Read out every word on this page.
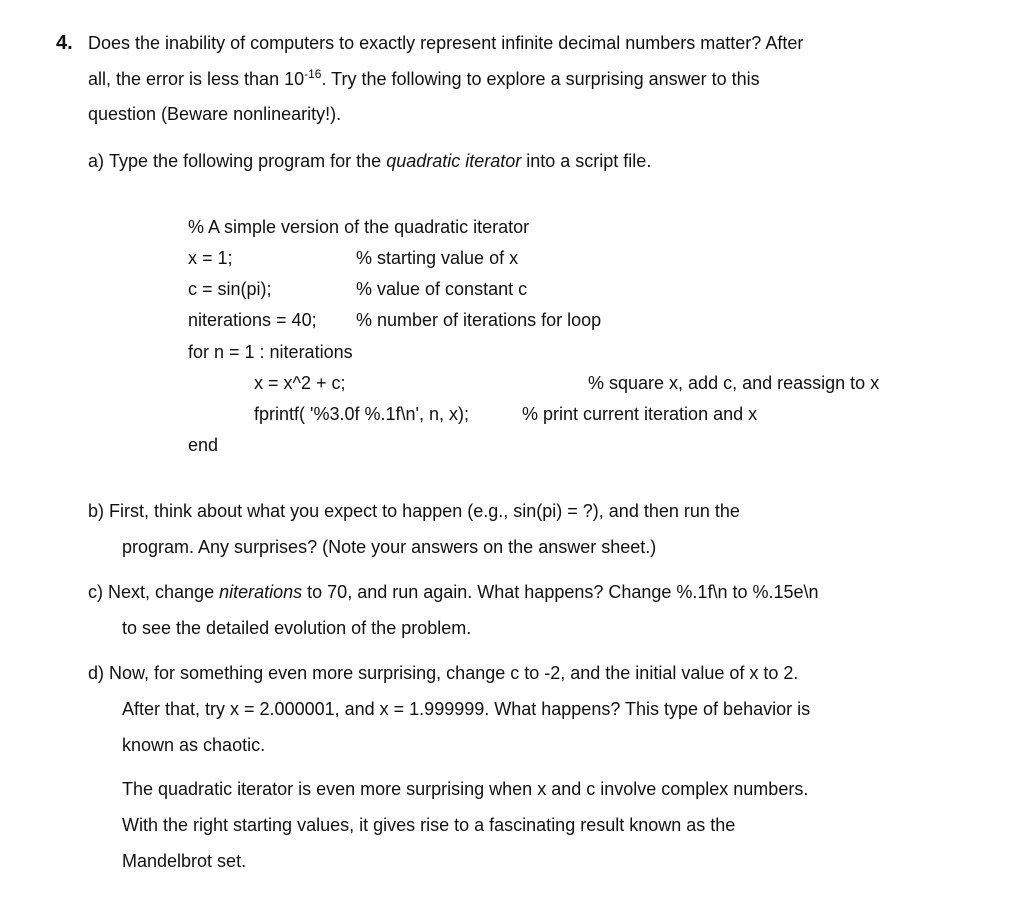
4. Does the inability of computers to exactly represent infinite decimal numbers matter? After
all, the error is less than $10^{-16}$. Try the following to explore a surprising answer to this
question (Beware nonlinearity!).
a) Type the following program for the quadratic iterator into a script file.
% A simple version of the quadratic iterator
x = 1;	% starting value of x
c = sin(pi);	% value of constant c
niterations = 40; % number of iterations for loop
for n = 1 : niterations
x = x^2 + c;	% square x, add c, and reassign to x
fprintf( '%3.0f %.1f\n', n, x);	% print current iteration and x
end
b) First, think about what you expect to happen (e.g., sin(pi) = ?), and then run the
program. Any surprises? (Note your answers on the answer sheet.)
c) Next, change niterations to 70, and run again. What happens? Change %.1f\n to %.15e\n
to see the detailed evolution of the problem.
d) Now, for something even more surprising, change c to -2, and the initial value of x to 2.
After that, try x = 2.000001, and x = 1.999999. What happens? This type of behavior is
known as chaotic.
The quadratic iterator is even more surprising when x and c involve complex numbers.
With the right starting values, it gives rise to a fascinating result known as the
Mandelbrot set.
